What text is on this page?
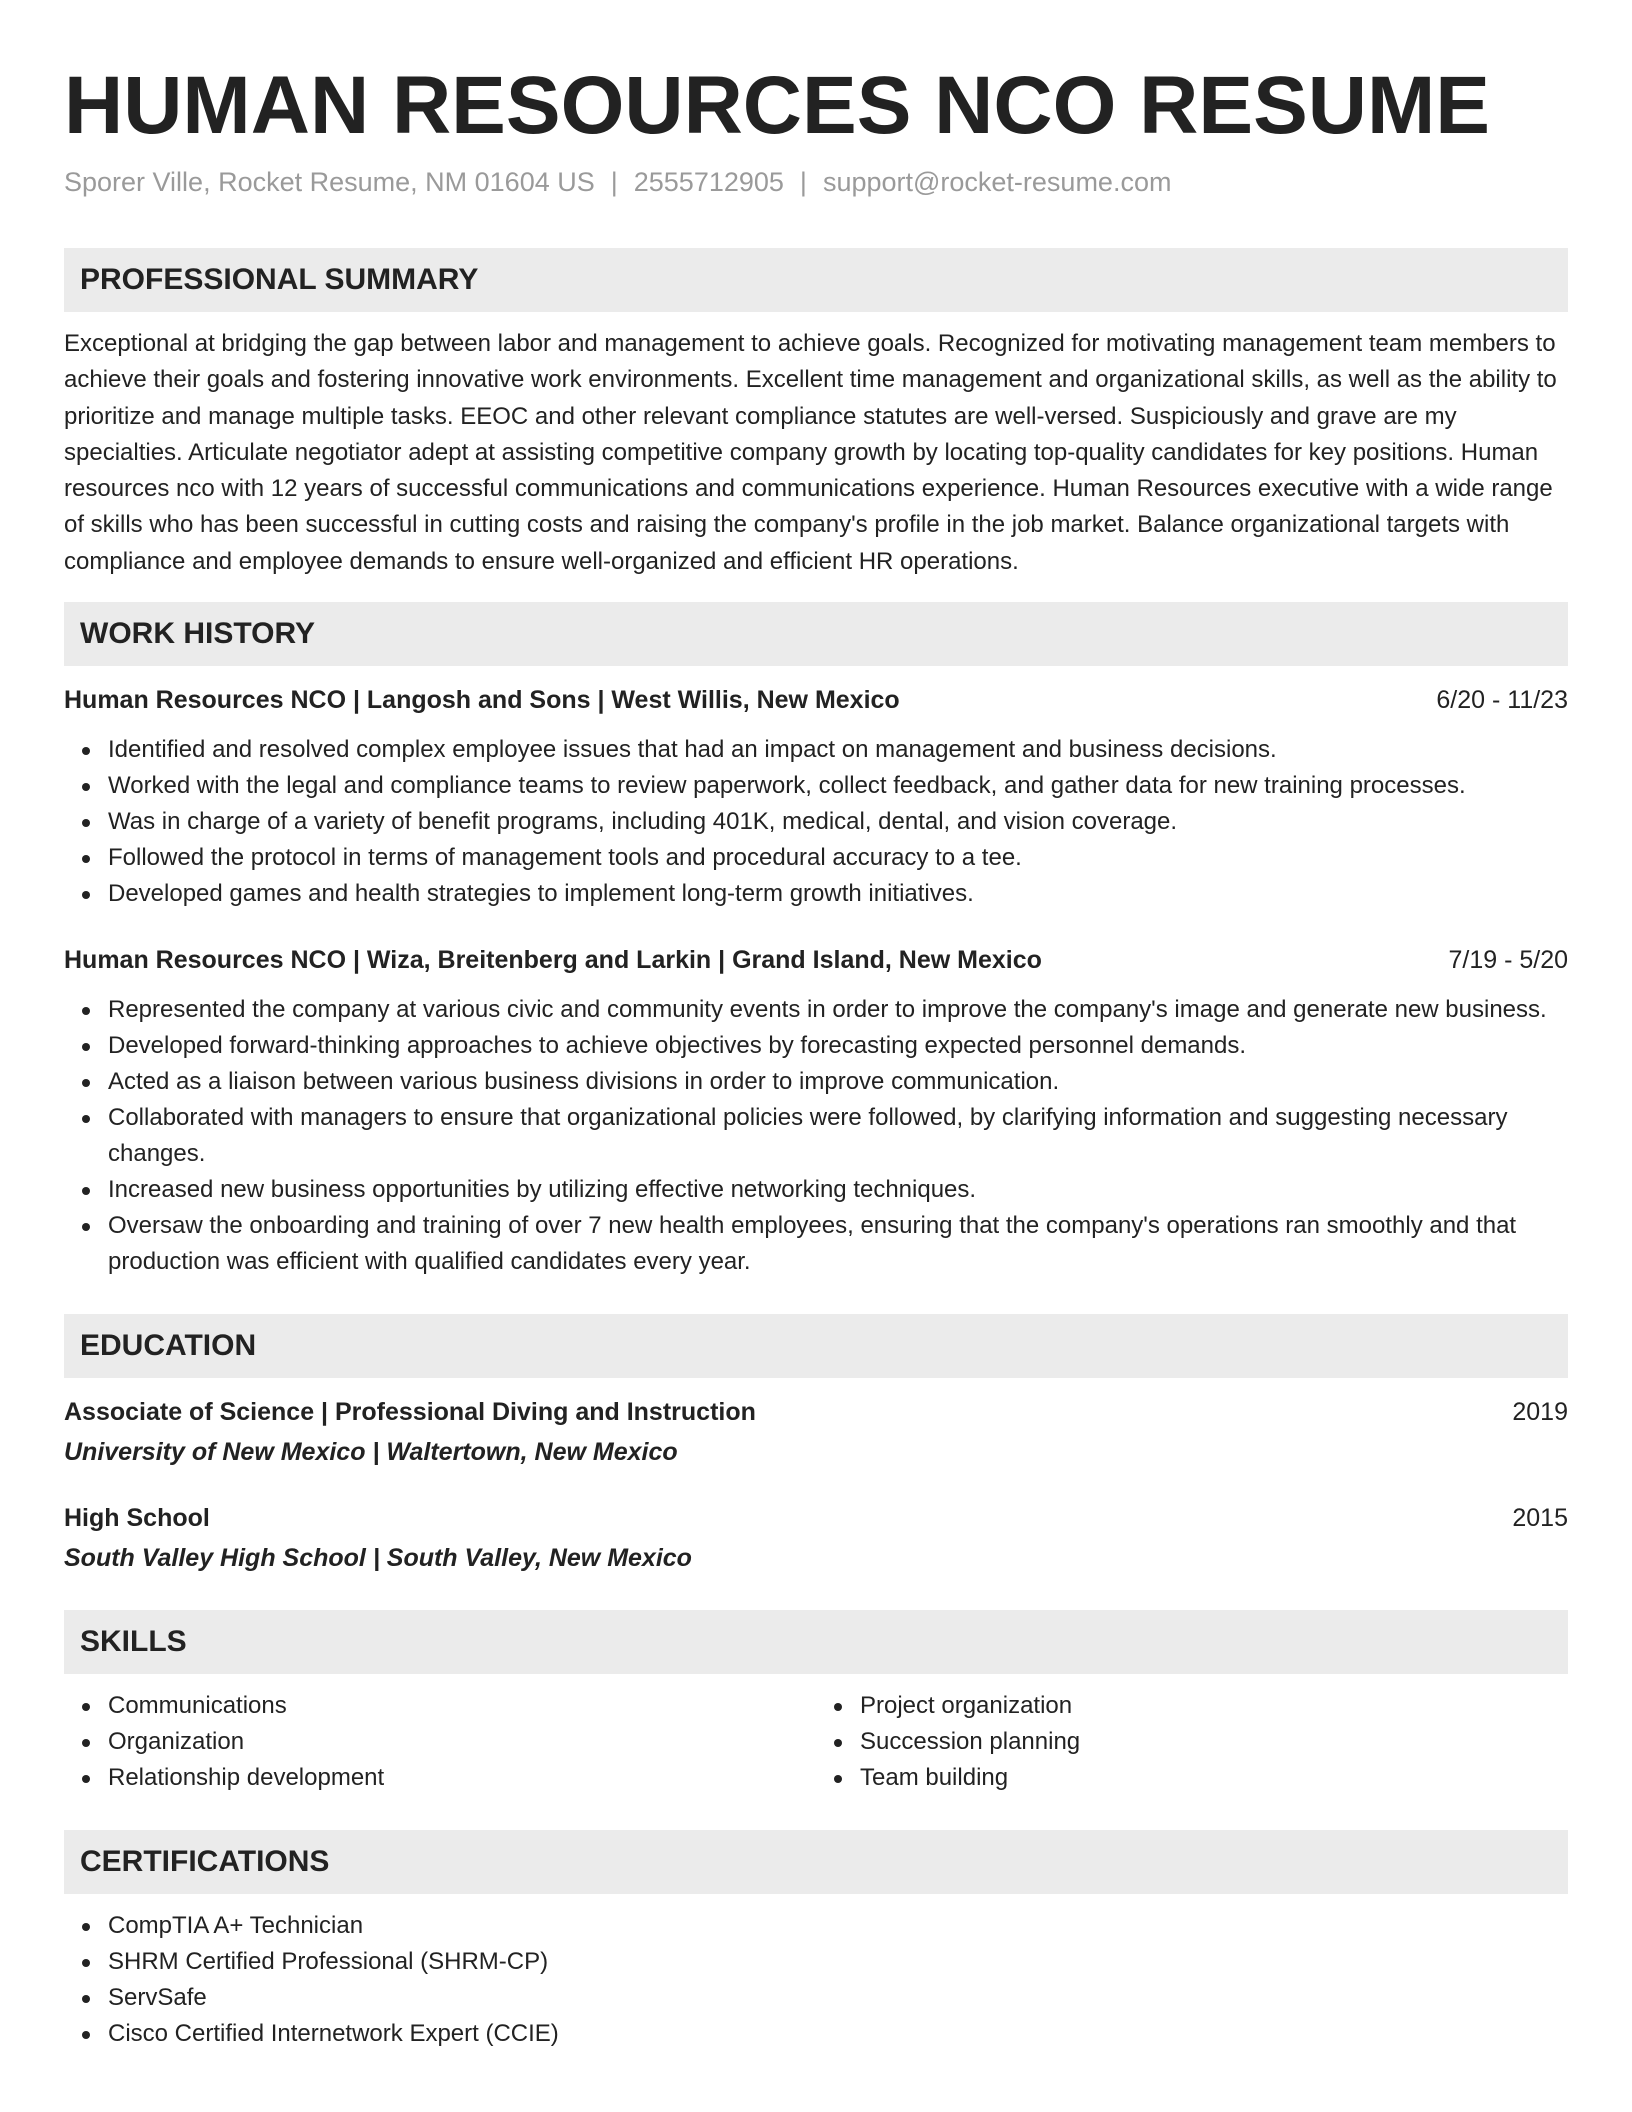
HUMAN RESOURCES NCO RESUME
Sporer Ville, Rocket Resume, NM 01604 US | 2555712905 | support@rocket-resume.com
PROFESSIONAL SUMMARY

Exceptional at bridging the gap between labor and management to achieve goals. Recognized for motivating management team members to achieve their goals and fostering innovative work environments. Excellent time management and organizational skills, as well as the ability to prioritize and manage multiple tasks. EEOC and other relevant compliance statutes are well-versed. Suspiciously and grave are my specialties. Articulate negotiator adept at assisting competitive company growth by locating top-quality candidates for key positions. Human resources nco with 12 years of successful communications and communications experience. Human Resources executive with a wide range of skills who has been successful in cutting costs and raising the company's profile in the job market. Balance organizational targets with compliance and employee demands to ensure well-organized and efficient HR operations.

WORK HISTORY
Human Resources NCO | Langosh and Sons | West Willis, New Mexico	6/20 - 11/23
Identified and resolved complex employee issues that had an impact on management and business decisions.
Worked with the legal and compliance teams to review paperwork, collect feedback, and gather data for new training processes.
Was in charge of a variety of benefit programs, including 401K, medical, dental, and vision coverage.
Followed the protocol in terms of management tools and procedural accuracy to a tee.
Developed games and health strategies to implement long-term growth initiatives.
Human Resources NCO | Wiza, Breitenberg and Larkin | Grand Island, New Mexico	7/19 - 5/20
Represented the company at various civic and community events in order to improve the company's image and generate new business.
Developed forward-thinking approaches to achieve objectives by forecasting expected personnel demands.
Acted as a liaison between various business divisions in order to improve communication.
Collaborated with managers to ensure that organizational policies were followed, by clarifying information and suggesting necessary changes.
Increased new business opportunities by utilizing effective networking techniques.
Oversaw the onboarding and training of over 7 new health employees, ensuring that the company's operations ran smoothly and that production was efficient with qualified candidates every year.
EDUCATION
Associate of Science | Professional Diving and Instruction	2019
University of New Mexico | Waltertown, New Mexico
High School	2015
South Valley High School | South Valley, New Mexico
SKILLS
Communications
Organization
Relationship development
Project organization
Succession planning
Team building
CERTIFICATIONS
CompTIA A+ Technician
SHRM Certified Professional (SHRM-CP)
ServSafe
Cisco Certified Internetwork Expert (CCIE)
